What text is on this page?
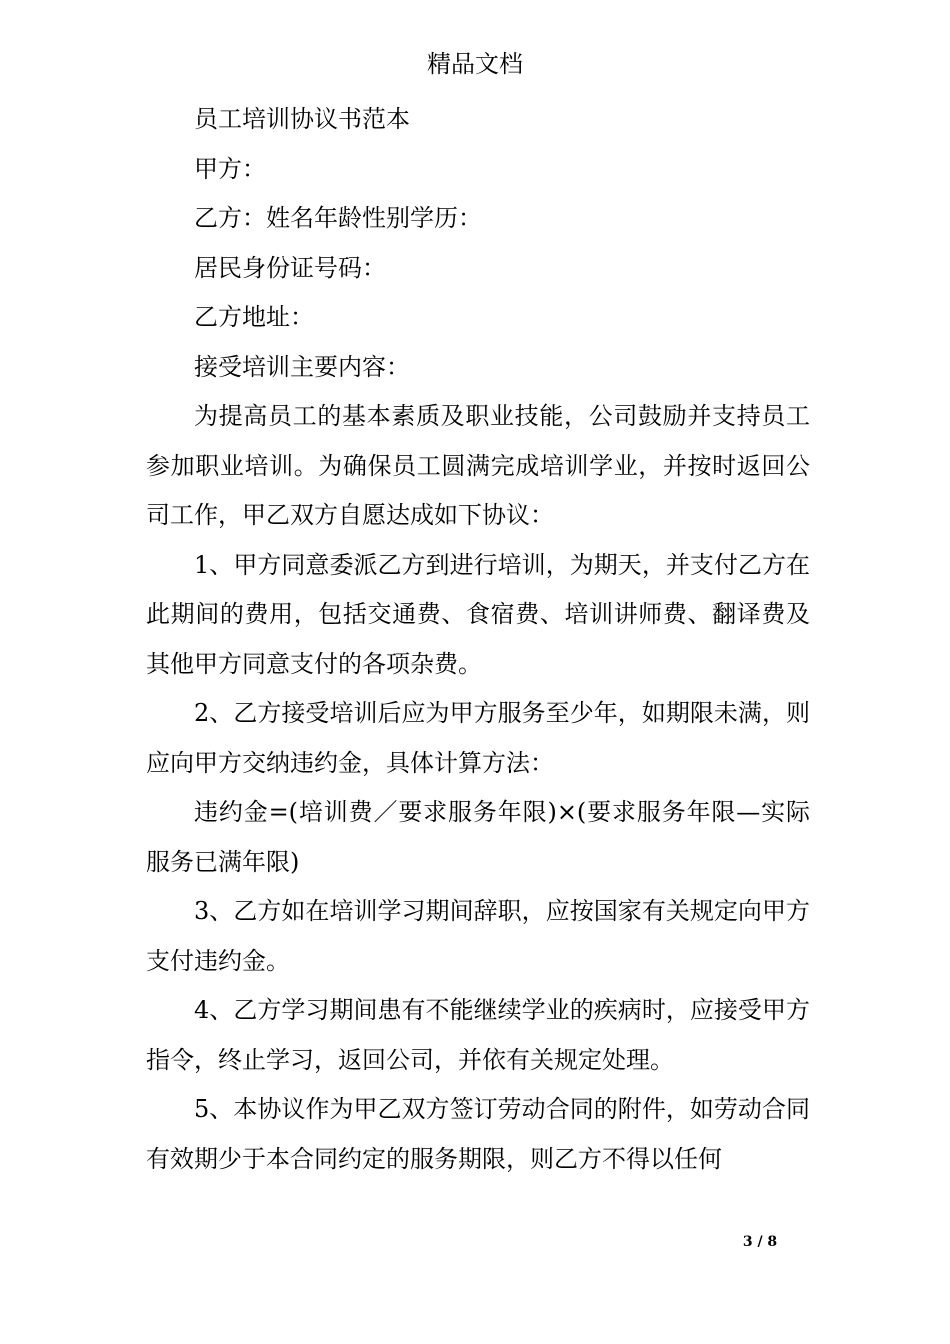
精品文档

员工培训协议书范本

甲方：

乙方：姓名年龄性别学历：

居民身份证号码：

乙方地址：

接受培训主要内容：

为提高员工的基本素质及职业技能，公司鼓励并支持员工参加职业培训。为确保员工圆满完成培训学业，并按时返回公司工作，甲乙双方自愿达成如下协议：

1、甲方同意委派乙方到进行培训，为期天，并支付乙方在此期间的费用，包括交通费、食宿费、培训讲师费、翻译费及其他甲方同意支付的各项杂费。

2、乙方接受培训后应为甲方服务至少年，如期限未满，则应向甲方交纳违约金，具体计算方法：

违约金=(培训费／要求服务年限)×(要求服务年限—实际服务已满年限)

3、乙方如在培训学习期间辞职，应按国家有关规定向甲方支付违约金。

4、乙方学习期间患有不能继续学业的疾病时，应接受甲方指令，终止学习，返回公司，并依有关规定处理。

5、本协议作为甲乙双方签订劳动合同的附件，如劳动合同有效期少于本合同约定的服务期限，则乙方不得以任何

3 / 8
